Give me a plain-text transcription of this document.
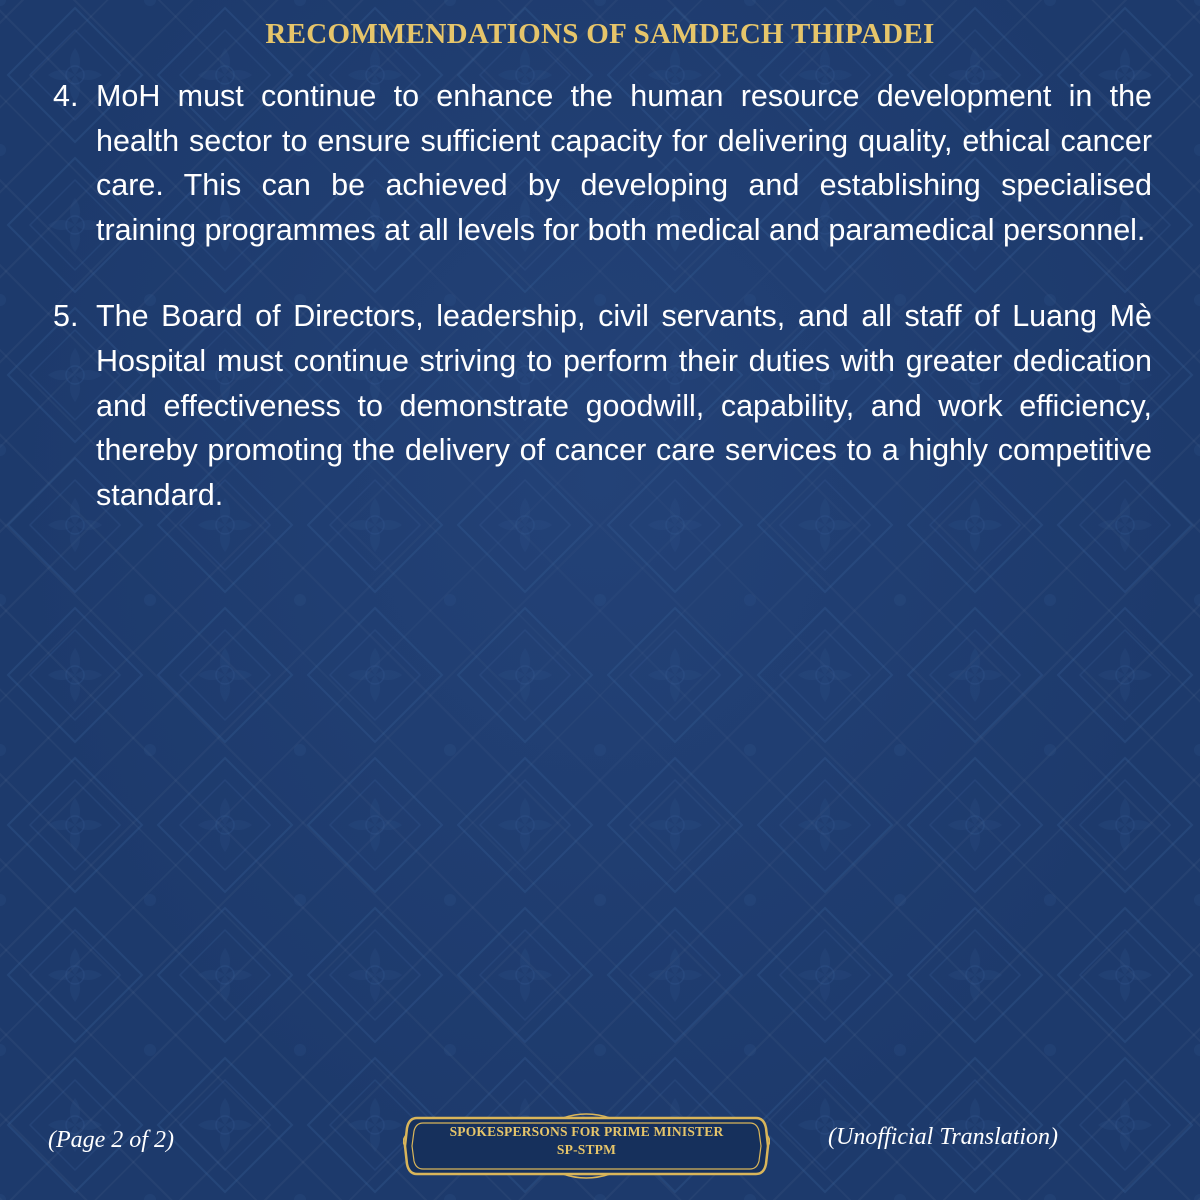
RECOMMENDATIONS OF SAMDECH THIPADEI
4. MoH must continue to enhance the human resource development in the health sector to ensure sufficient capacity for delivering quality, ethical cancer care. This can be achieved by developing and establishing specialised training programmes at all levels for both medical and paramedical personnel.
5. The Board of Directors, leadership, civil servants, and all staff of Luang Mè Hospital must continue striving to perform their duties with greater dedication and effectiveness to demonstrate goodwill, capability, and work efficiency, thereby promoting the delivery of cancer care services to a highly competitive standard.
(Page 2 of 2)	SPOKESPERSONS FOR PRIME MINISTER
SP-STPM	(Unofficial Translation)
